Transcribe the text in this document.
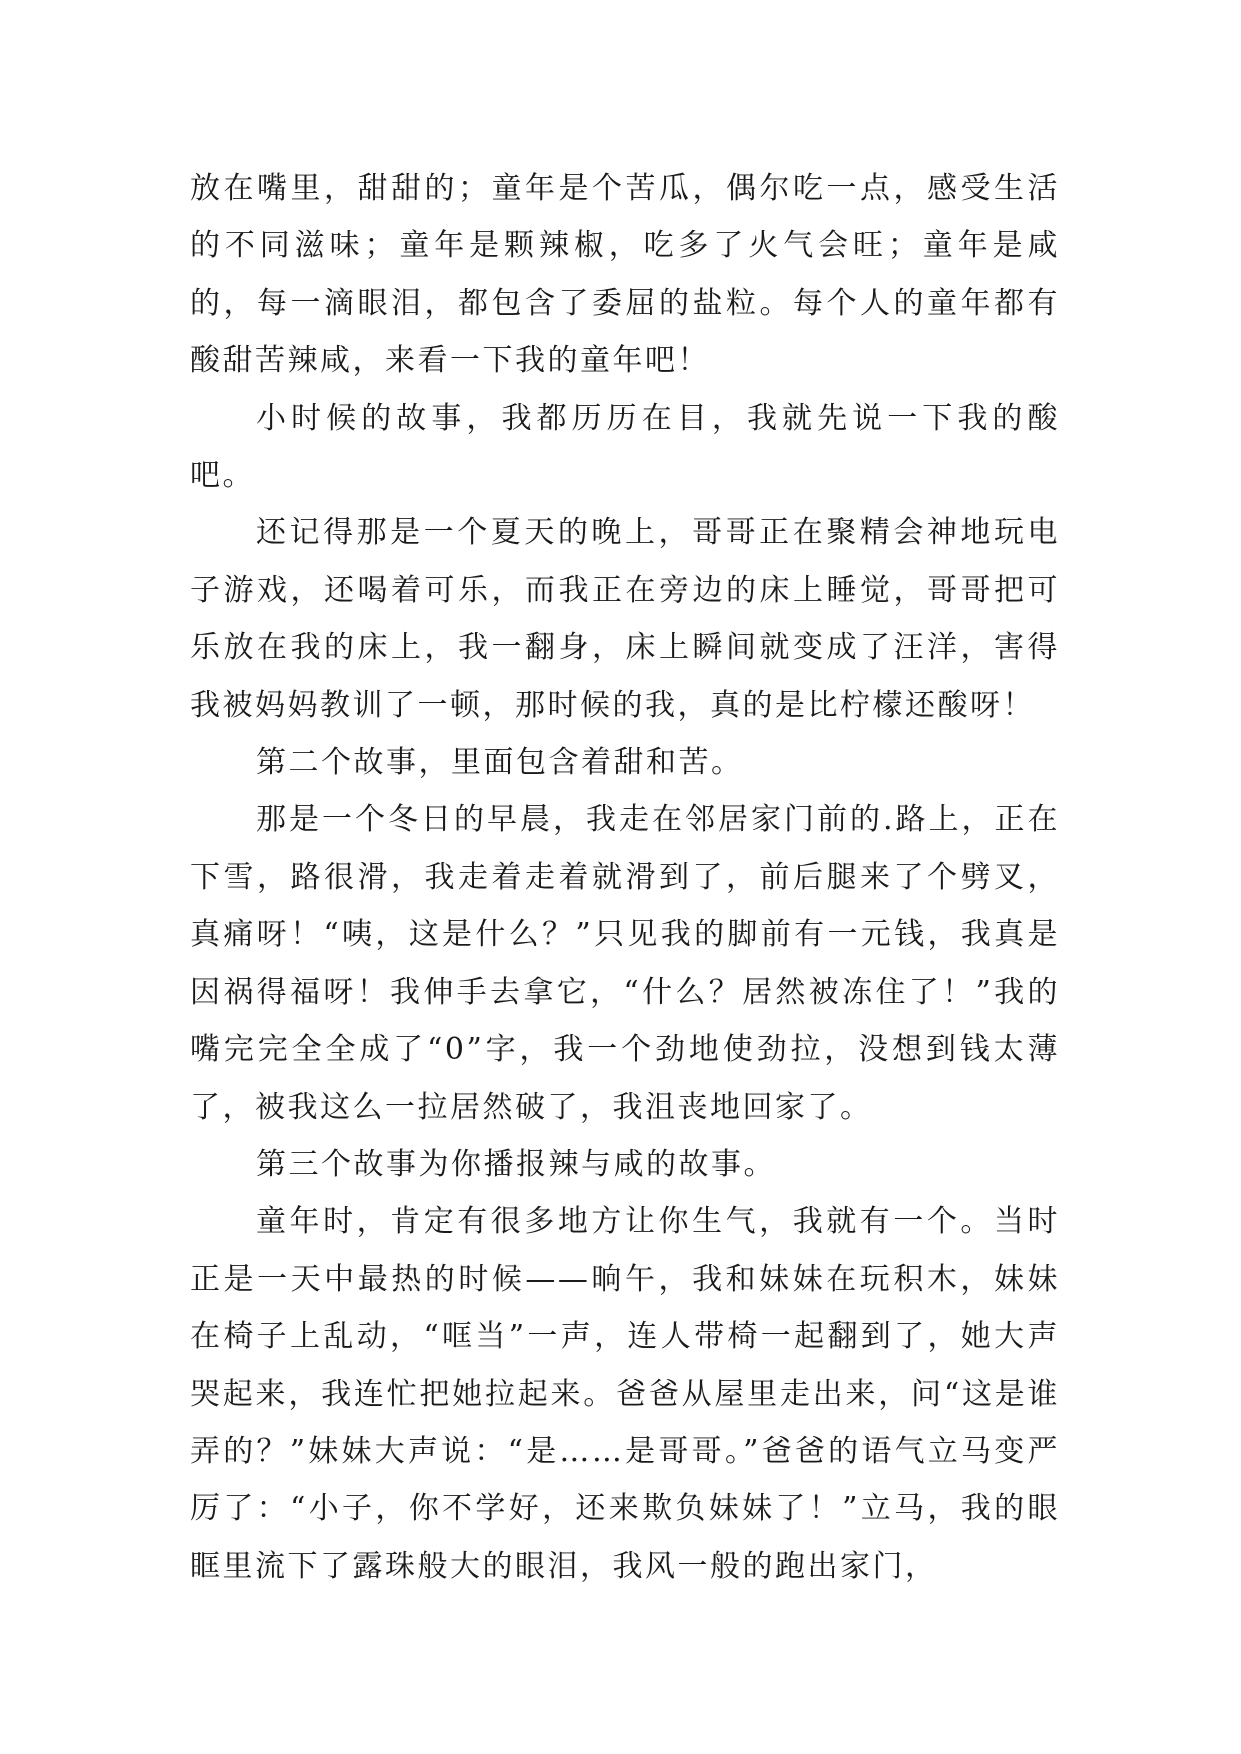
放在嘴里，甜甜的；童年是个苦瓜，偶尔吃一点，感受生活的不同滋味；童年是颗辣椒，吃多了火气会旺；童年是咸的，每一滴眼泪，都包含了委屈的盐粒。每个人的童年都有酸甜苦辣咸，来看一下我的童年吧！

小时候的故事，我都历历在目，我就先说一下我的酸吧。

还记得那是一个夏天的晚上，哥哥正在聚精会神地玩电子游戏，还喝着可乐，而我正在旁边的床上睡觉，哥哥把可乐放在我的床上，我一翻身，床上瞬间就变成了汪洋，害得我被妈妈教训了一顿，那时候的我，真的是比柠檬还酸呀！

第二个故事，里面包含着甜和苦。

那是一个冬日的早晨，我走在邻居家门前的.路上，正在下雪，路很滑，我走着走着就滑到了，前后腿来了个劈叉，真痛呀！“咦，这是什么？”只见我的脚前有一元钱，我真是因祸得福呀！我伸手去拿它，“什么？居然被冻住了！”我的嘴完完全全成了“0”字，我一个劲地使劲拉，没想到钱太薄了，被我这么一拉居然破了，我沮丧地回家了。

第三个故事为你播报辣与咸的故事。

童年时，肯定有很多地方让你生气，我就有一个。当时正是一天中最热的时候——晌午，我和妹妹在玩积木，妹妹在椅子上乱动，“哐当”一声，连人带椅一起翻到了，她大声哭起来，我连忙把她拉起来。爸爸从屋里走出来，问“这是谁弄的？”妹妹大声说：“是……是哥哥。”爸爸的语气立马变严厉了：“小子，你不学好，还来欺负妹妹了！”立马，我的眼眶里流下了露珠般大的眼泪，我风一般的跑出家门，
